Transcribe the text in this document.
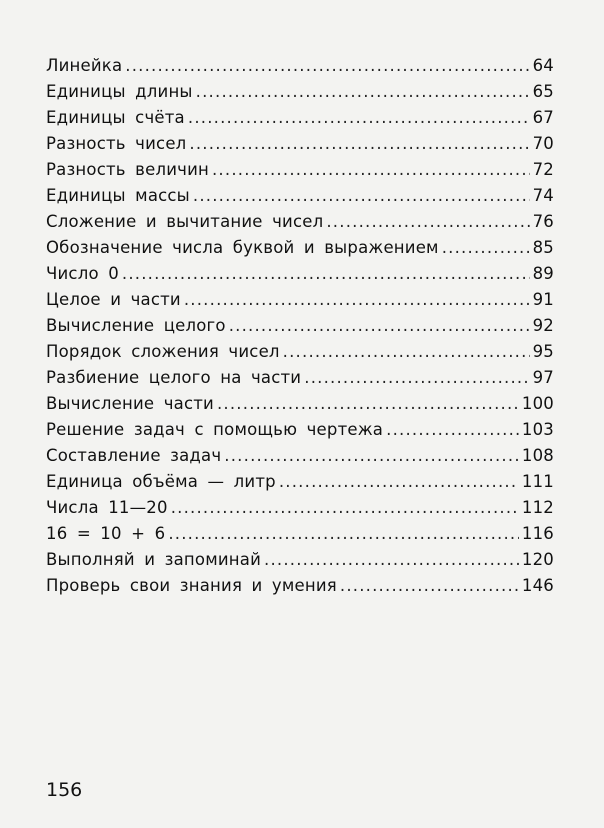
Линейка .....	64
Единицы длины .....	65
Единицы счёта .....	67
Разность чисел .....	70
Разность величин .....	72
Единицы массы .....	74
Сложение и вычитание чисел .....	76
Обозначение числа буквой и выражением .....	85
Число 0 .....	89
Целое и части .....	91
Вычисление целого .....	92
Порядок сложения чисел .....	95
Разбиение целого на части .....	97
Вычисление части .....	100
Решение задач с помощью чертежа .....	103
Составление задач .....	108
Единица объёма — литр .....	111
Числа 11—20 .....	112
16 = 10 + 6 .....	116
Выполняй и запоминай .....	120
Проверь свои знания и умения .....	146
156
